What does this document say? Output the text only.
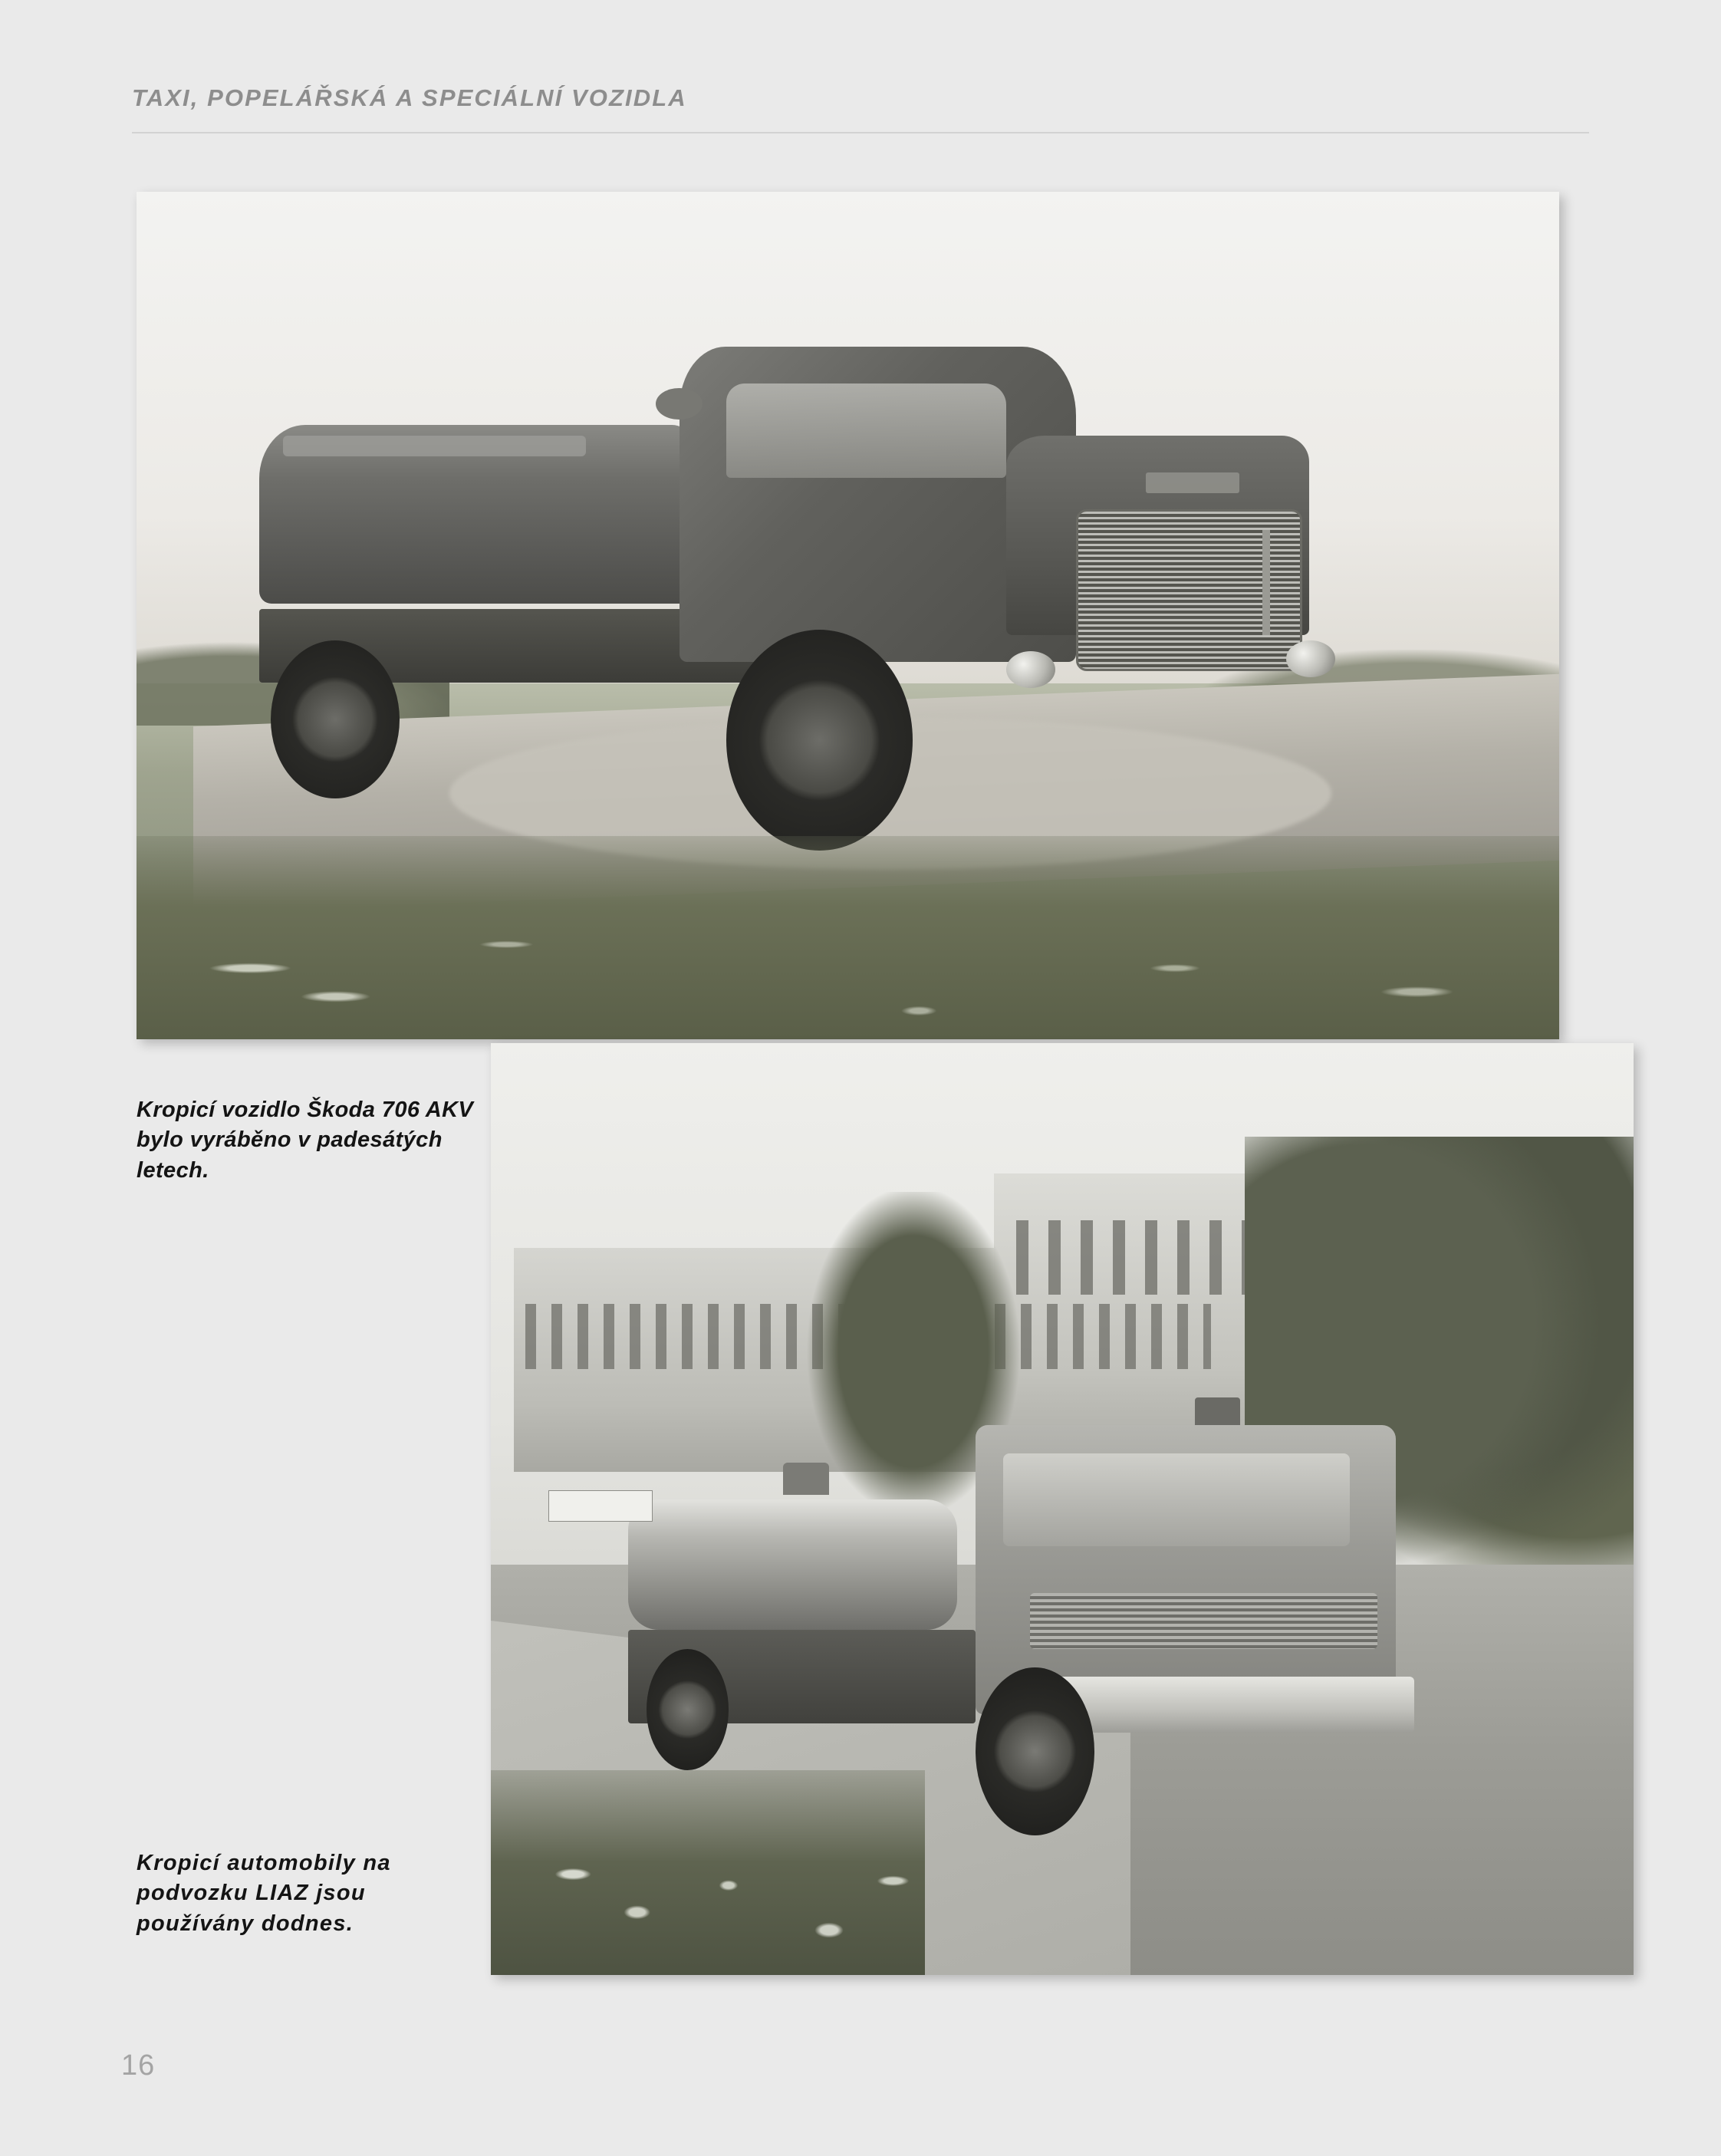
TAXI, POPELÁŘSKÁ A SPECIÁLNÍ VOZIDLA
Kropicí vozidlo Škoda 706 AKV bylo vyráběno v padesátých letech.
Kropicí automobily na podvozku LIAZ jsou používány dodnes.
16
